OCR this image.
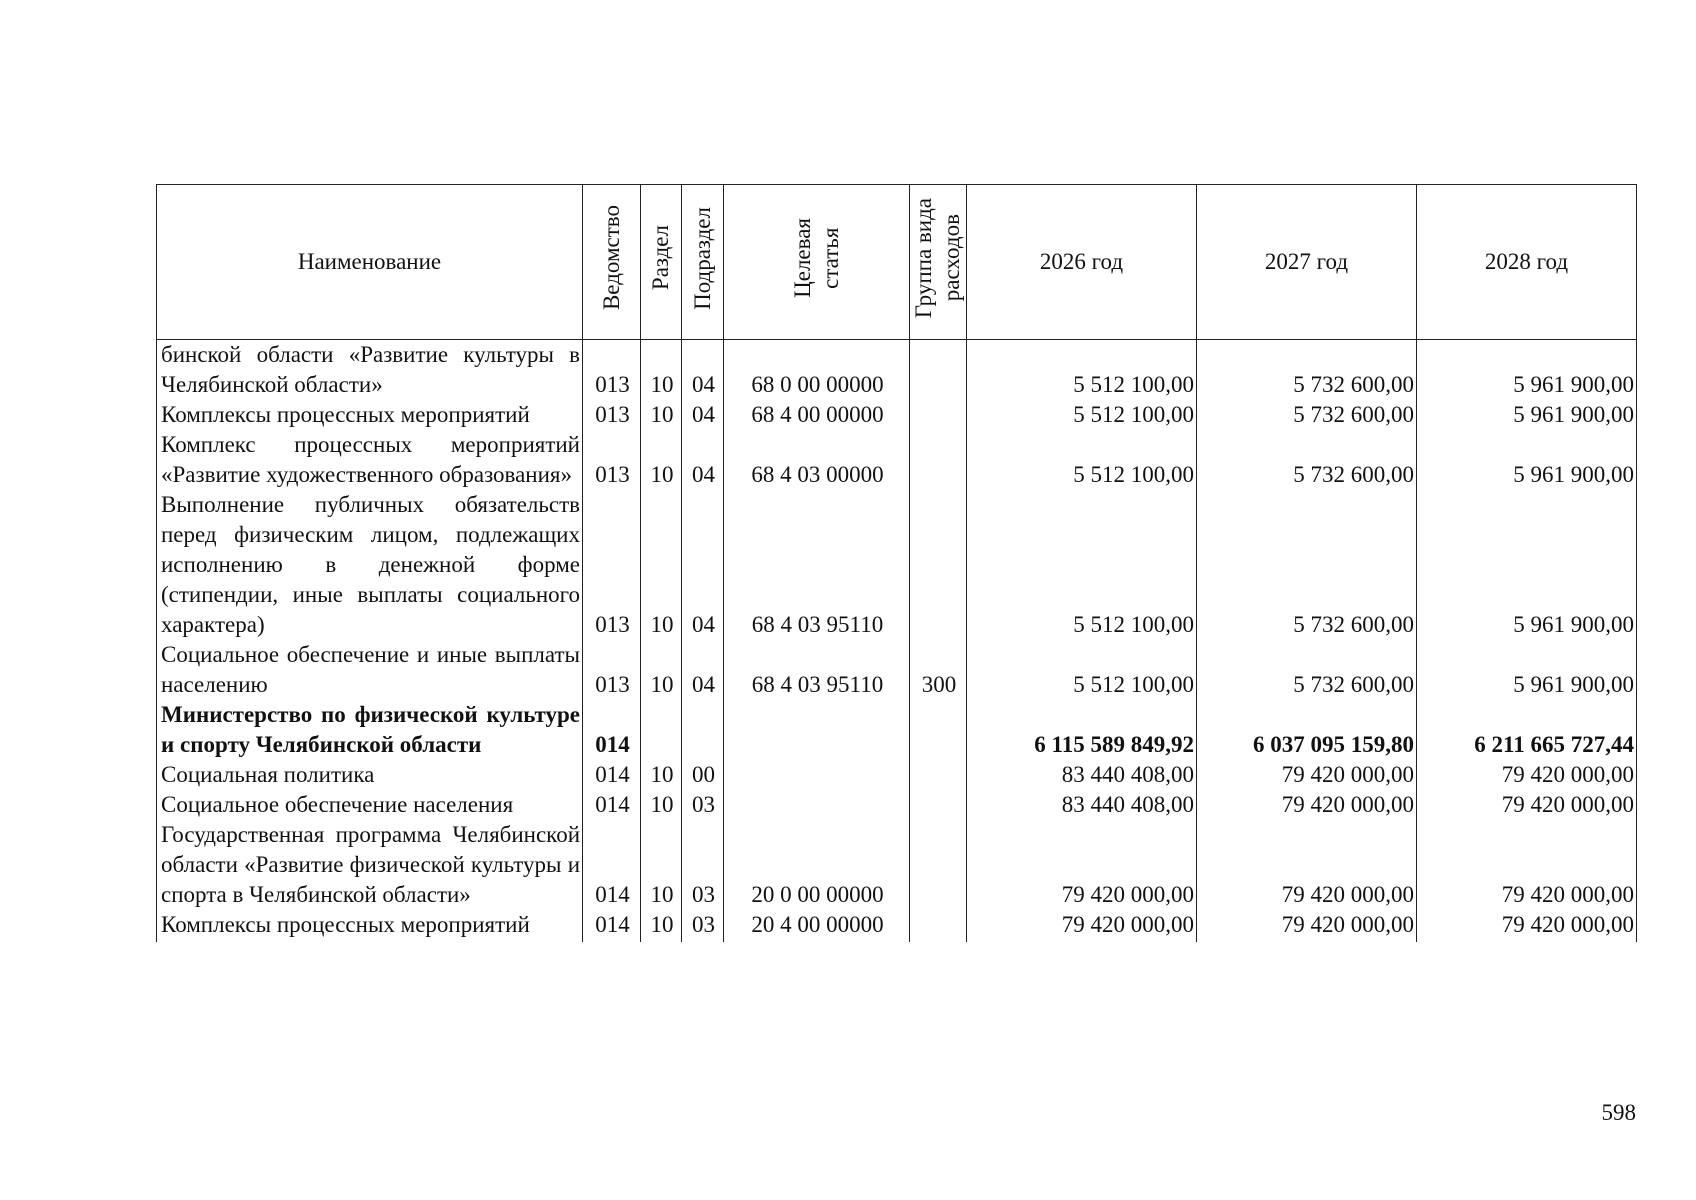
Наименование	Ведомство	Раздел	Подраздел	Целевая статья	Группа вида расходов	2026 год	2027 год	2028 год
бинской области «Развитие культуры в Челябинской области»	013	10	04	68 0 00 00000		5 512 100,00	5 732 600,00	5 961 900,00
Комплексы процессных мероприятий	013	10	04	68 4 00 00000		5 512 100,00	5 732 600,00	5 961 900,00
Комплекс процессных мероприятий «Развитие художественного образования»	013	10	04	68 4 03 00000		5 512 100,00	5 732 600,00	5 961 900,00
Выполнение публичных обязательств перед физическим лицом, подлежащих исполнению в денежной форме (стипендии, иные выплаты социального характера)	013	10	04	68 4 03 95110		5 512 100,00	5 732 600,00	5 961 900,00
Социальное обеспечение и иные выплаты населению	013	10	04	68 4 03 95110	300	5 512 100,00	5 732 600,00	5 961 900,00
Министерство по физической культуре и спорту Челябинской области	014					6 115 589 849,92	6 037 095 159,80	6 211 665 727,44
Социальная политика	014	10	00			83 440 408,00	79 420 000,00	79 420 000,00
Социальное обеспечение населения	014	10	03			83 440 408,00	79 420 000,00	79 420 000,00
Государственная программа Челябинской области «Развитие физической культуры и спорта в Челябинской области»	014	10	03	20 0 00 00000		79 420 000,00	79 420 000,00	79 420 000,00
Комплексы процессных мероприятий	014	10	03	20 4 00 00000		79 420 000,00	79 420 000,00	79 420 000,00
598
